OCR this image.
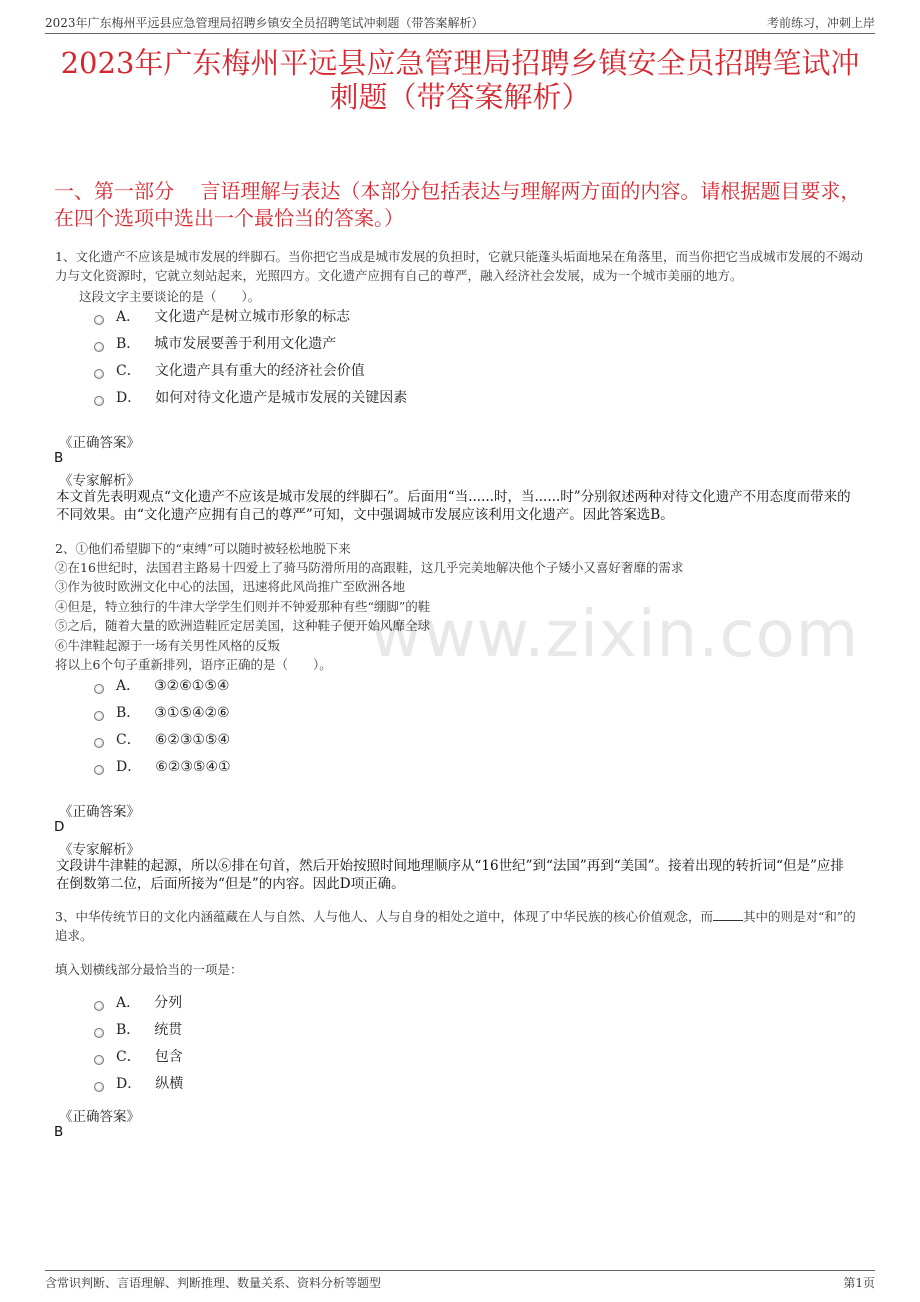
2023年广东梅州平远县应急管理局招聘乡镇安全员招聘笔试冲刺题（带答案解析）	考前练习，冲刺上岸
2023年广东梅州平远县应急管理局招聘乡镇安全员招聘笔试冲刺题（带答案解析）
一、第一部分　 言语理解与表达（本部分包括表达与理解两方面的内容。请根据题目要求，在四个选项中选出一个最恰当的答案。）
www.zixin.com
1、文化遗产不应该是城市发展的绊脚石。当你把它当成是城市发展的负担时，它就只能蓬头垢面地呆在角落里，而当你把它当成城市发展的不竭动力与文化资源时，它就立刻站起来，光照四方。文化遗产应拥有自己的尊严，融入经济社会发展，成为一个城市美丽的地方。
这段文字主要谈论的是（　　）。
A． 文化遗产是树立城市形象的标志
B． 城市发展要善于利用文化遗产
C． 文化遗产具有重大的经济社会价值
D． 如何对待文化遗产是城市发展的关键因素
《正确答案》
B
《专家解析》
本文首先表明观点“文化遗产不应该是城市发展的绊脚石”。后面用“当......时，当......时”分别叙述两种对待文化遗产不用态度而带来的不同效果。由“文化遗产应拥有自己的尊严”可知，文中强调城市发展应该利用文化遗产。因此答案选B。
2、①他们希望脚下的“束缚”可以随时被轻松地脱下来
②在16世纪时，法国君主路易十四爱上了骑马防滑所用的高跟鞋，这几乎完美地解决他个子矮小又喜好奢靡的需求
③作为彼时欧洲文化中心的法国，迅速将此风尚推广至欧洲各地
④但是，特立独行的牛津大学学生们则并不钟爱那种有些“绷脚”的鞋
⑤之后，随着大量的欧洲造鞋匠定居美国，这种鞋子便开始风靡全球
⑥牛津鞋起源于一场有关男性风格的反叛
将以上6个句子重新排列，语序正确的是（　　）。
A． ③②⑥①⑤④
B． ③①⑤④②⑥
C． ⑥②③①⑤④
D． ⑥②③⑤④①
《正确答案》
D
《专家解析》
文段讲牛津鞋的起源，所以⑥排在句首，然后开始按照时间地理顺序从“16世纪”到“法国”再到“美国”。接着出现的转折词“但是”应排在倒数第二位，后面所接为“但是”的内容。因此D项正确。
3、中华传统节日的文化内涵蕴藏在人与自然、人与他人、人与自身的相处之道中，体现了中华民族的核心价值观念，而 其中的则是对“和”的追求。
填入划横线部分最恰当的一项是：
A． 分列
B． 统贯
C． 包含
D． 纵横
《正确答案》
B
含常识判断、言语理解、判断推理、数量关系、资料分析等题型	第1页
